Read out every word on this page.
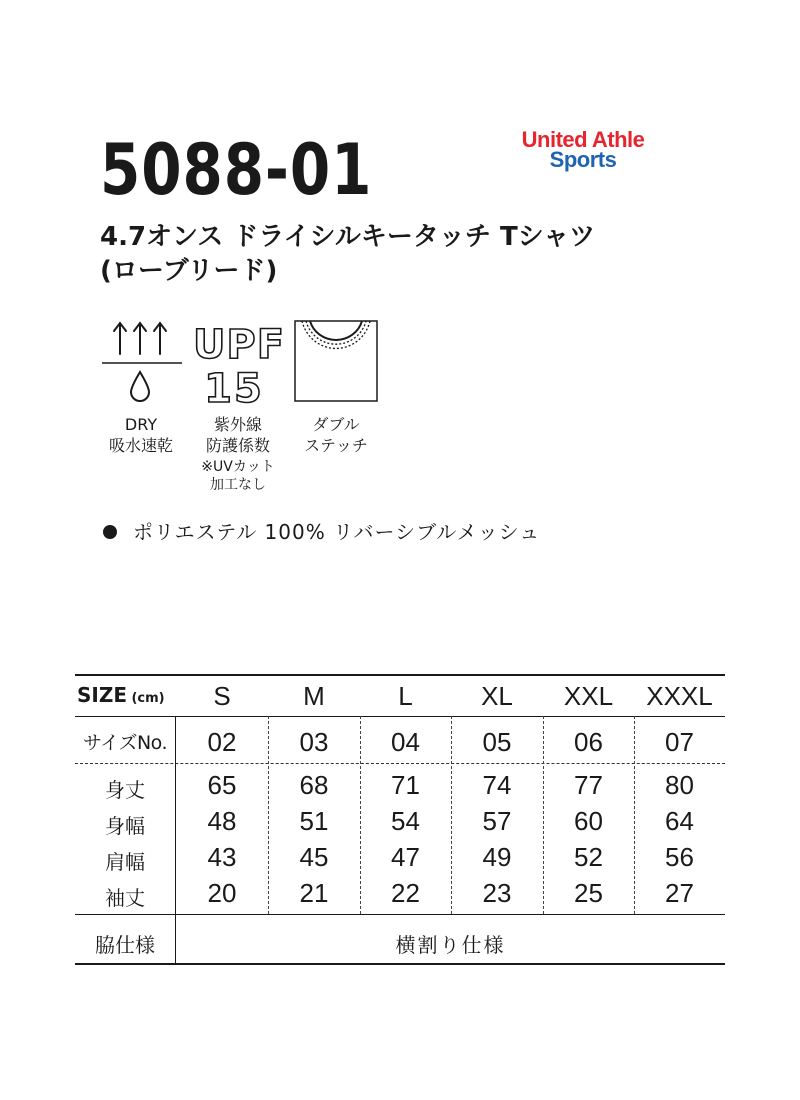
5088-01	United Athle
Sports
4.7オンス ドライシルキータッチ Tシャツ
(ローブリード)
DRY
吸水速乾
UPF
15
紫外線
防護係数
※UVカット
加工なし
ダブル
ステッチ
ポリエステル 100% リバーシブルメッシュ
SIZE (cm)	S	M	L	XL	XXL	XXXL
サイズNo.	02	03	04	05	06	07
身丈	65	68	71	74	77	80
身幅	48	51	54	57	60	64
肩幅	43	45	47	49	52	56
袖丈	20	21	22	23	25	27
脇仕様	横割り仕様
